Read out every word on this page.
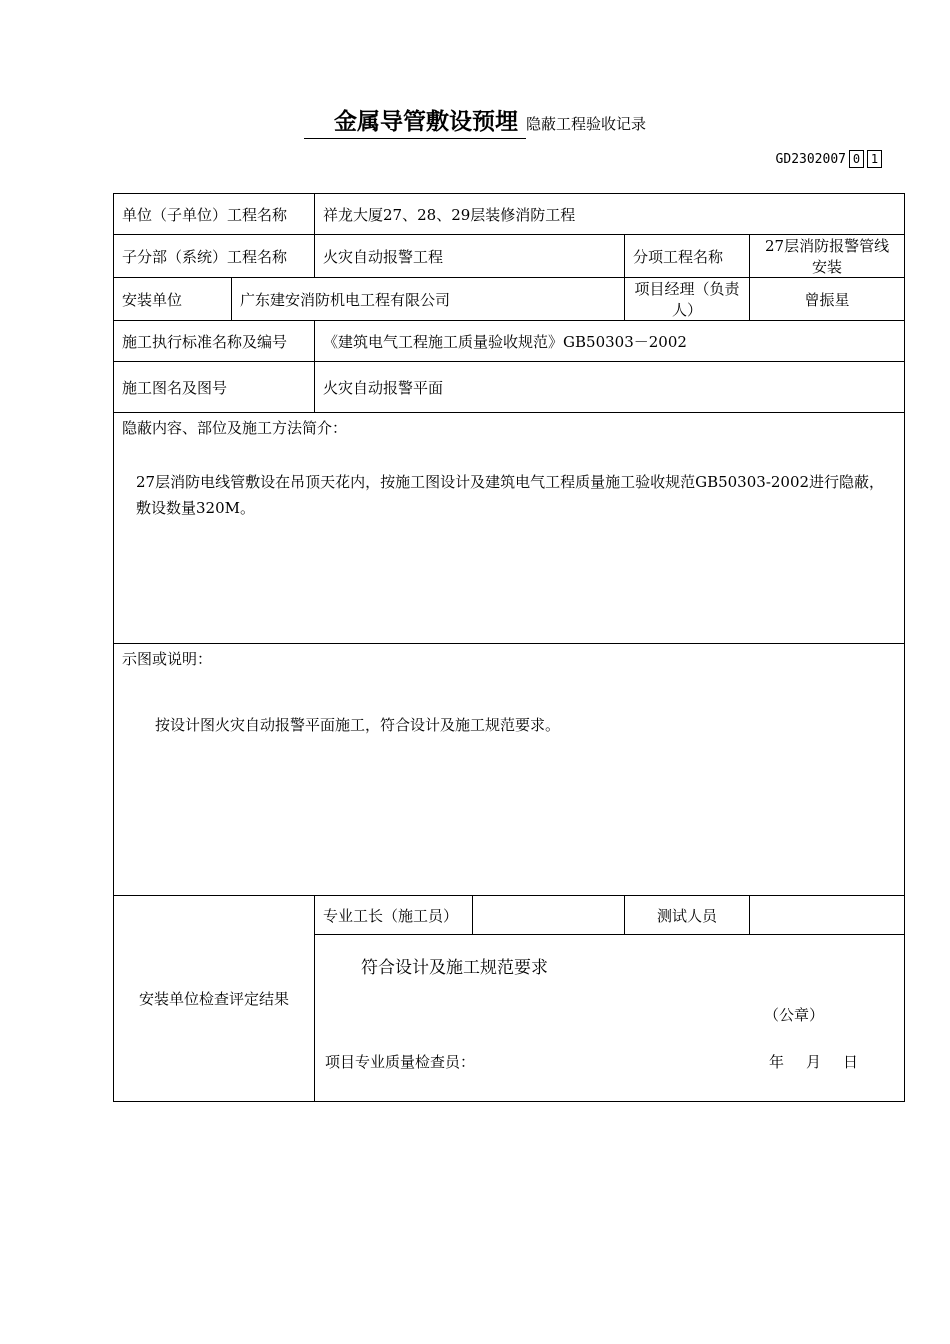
金属导管敷设预埋 隐蔽工程验收记录
GD2302007 0 1
单位（子单位）工程名称		祥龙大厦27、28、29层装修消防工程			
子分部（系统）工程名称		火灾自动报警工程		分项工程名称	27层消防报警管线安装
安装单位	广东建安消防机电工程有限公司			项目经理（负责人）	曾振星
施工执行标准名称及编号		《建筑电气工程施工质量验收规范》GB50303－2002			
施工图名及图号		火灾自动报警平面			

隐蔽内容、部位及施工方法简介：
27层消防电线管敷设在吊顶天花内，按施工图设计及建筑电气工程质量施工验收规范GB50303-2002进行隐蔽，敷设数量320M。					

示图或说明：
按设计图火灾自动报警平面施工，符合设计及施工规范要求。					

安装单位检查评定结果		专业工长（施工员）		测试人员	

		符合设计及施工规范要求
（公章）
项目专业质量检查员： 年 月 日			
